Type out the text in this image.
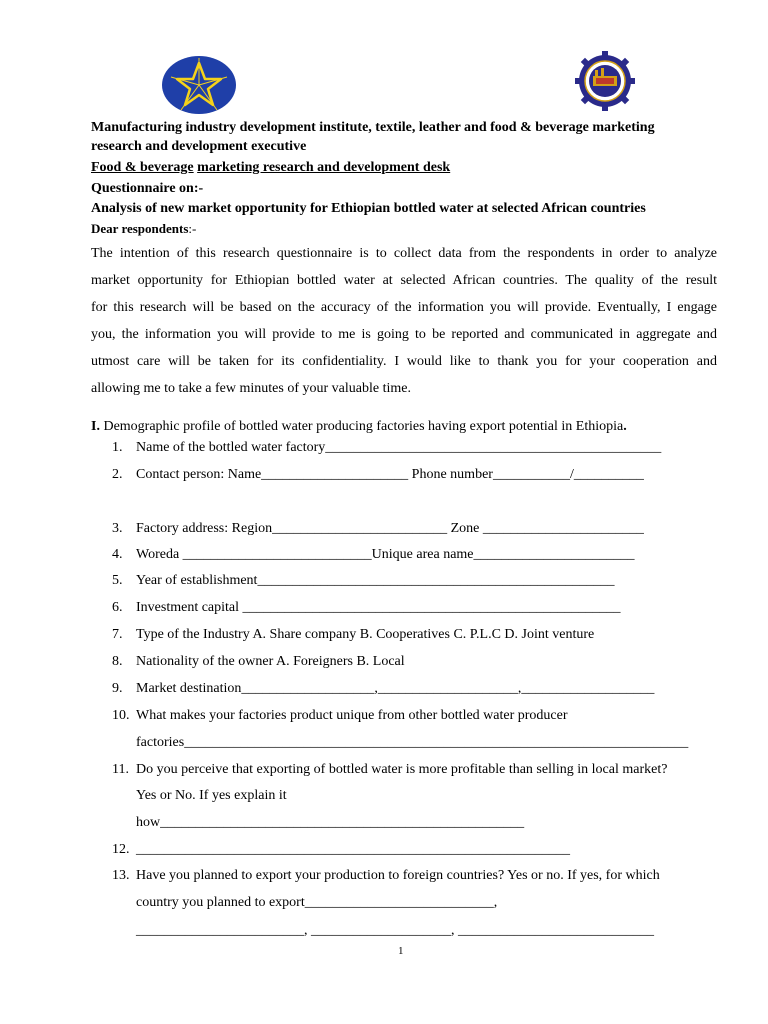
Manufacturing industry development institute, textile, leather and food & beverage marketing
research and development executive
Food & beverage marketing research and development desk
Questionnaire on:-
Analysis of new market opportunity for Ethiopian bottled water at selected African countries
Dear respondents:-
The intention of this research questionnaire is to collect data from the respondents in order to analyze
market opportunity for Ethiopian bottled water at selected African countries. The quality of the result
for this research will be based on the accuracy of the information you will provide. Eventually, I engage
you, the information you will provide to me is going to be reported and communicated in aggregate and
utmost care will be taken for its confidentiality. I would like to thank you for your cooperation and
allowing me to take a few minutes of your valuable time.
I. Demographic profile of bottled water producing factories having export potential in Ethiopia.
1. Name of the bottled water factory________________________________________________
2. Contact person: Name_____________________ Phone number___________/__________
3. Factory address: Region_________________________ Zone _______________________
4. Woreda ___________________________Unique area name_______________________
5. Year of establishment___________________________________________________
6. Investment capital ______________________________________________________
7. Type of the Industry A. Share company B. Cooperatives C. P.L.C D. Joint venture
8. Nationality of the owner A. Foreigners B. Local
9. Market destination___________________,____________________,___________________
10. What makes your factories product unique from other bottled water producer
factories________________________________________________________________________
11. Do you perceive that exporting of bottled water is more profitable than selling in local market?
Yes or No. If yes explain it
how____________________________________________________
12. ______________________________________________________________
13. Have you planned to export your production to foreign countries? Yes or no. If yes, for which
country you planned to export___________________________,
________________________, ____________________, ____________________________
1
